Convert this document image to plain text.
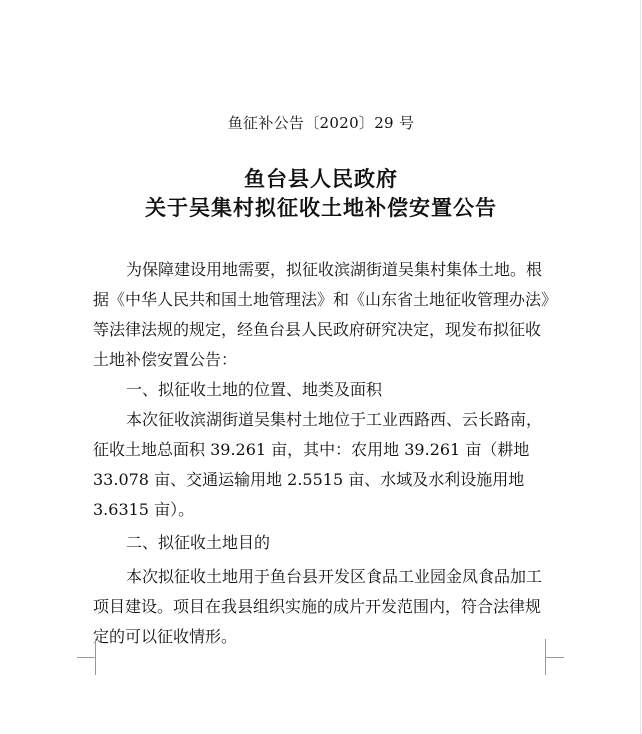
鱼征补公告〔2020〕29 号
鱼台县人民政府
关于吴集村拟征收土地补偿安置公告
为保障建设用地需要，拟征收滨湖街道吴集村集体土地。根据《中华人民共和国土地管理法》和《山东省土地征收管理办法》等法律法规的规定，经鱼台县人民政府研究决定，现发布拟征收土地补偿安置公告：
一、拟征收土地的位置、地类及面积
本次征收滨湖街道吴集村土地位于工业西路西、云长路南，征收土地总面积 39.261 亩，其中：农用地 39.261 亩（耕地 33.078 亩、交通运输用地 2.5515 亩、水域及水利设施用地 3.6315 亩）。
二、拟征收土地目的
本次拟征收土地用于鱼台县开发区食品工业园金凤食品加工项目建设。项目在我县组织实施的成片开发范围内，符合法律规定的可以征收情形。
